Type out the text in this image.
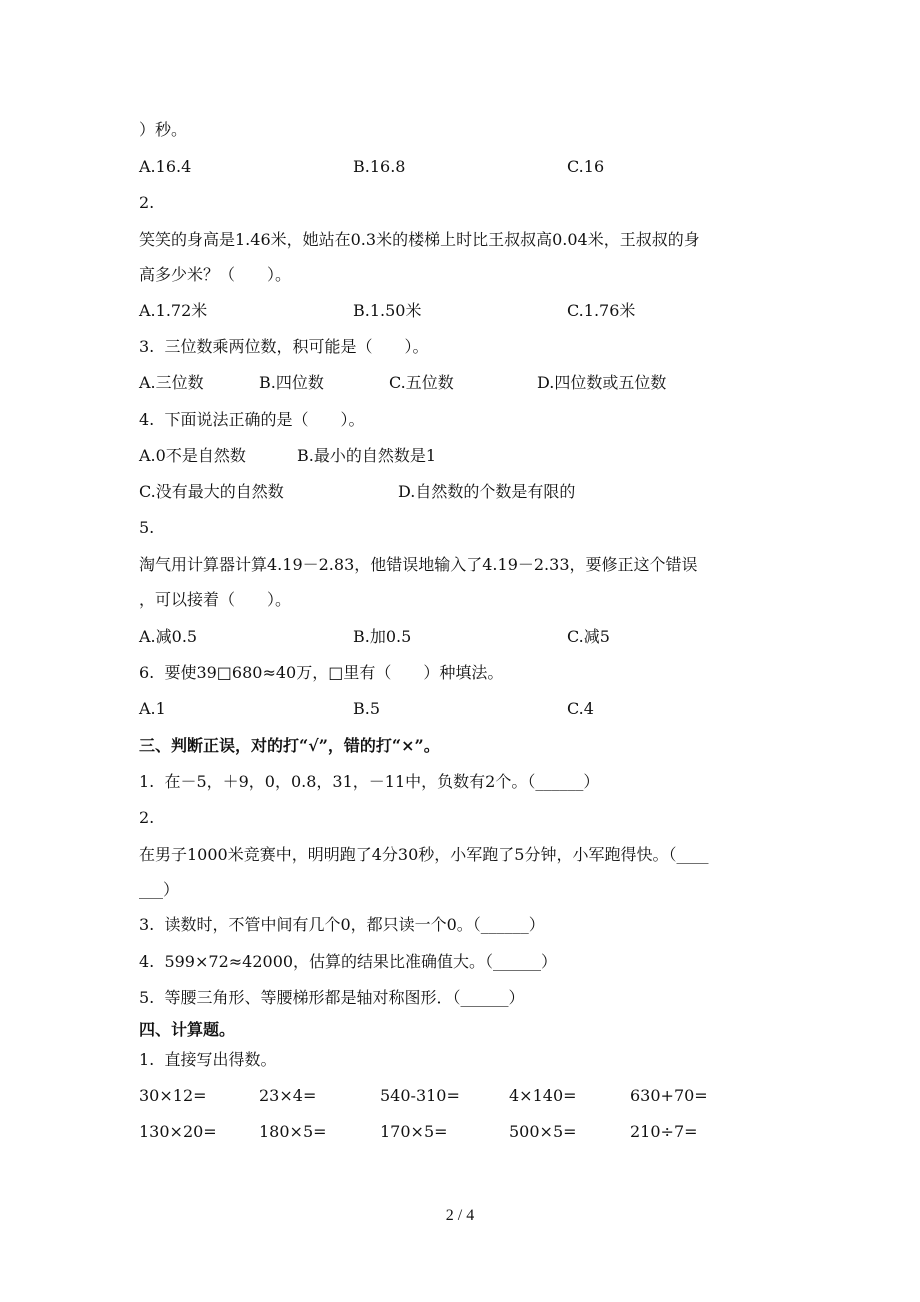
）秒。
A.16.4	B.16.8	C.16
2.
笑笑的身高是1.46米，她站在0.3米的楼梯上时比王叔叔高0.04米，王叔叔的身
高多少米？（　　）。
A.1.72米	B.1.50米	C.1.76米
3.  三位数乘两位数，积可能是（　　）。
A.三位数	B.四位数	C.五位数	D.四位数或五位数
4.  下面说法正确的是（　　）。
A.0不是自然数	B.最小的自然数是1
C.没有最大的自然数	D.自然数的个数是有限的
5.
淘气用计算器计算4.19－2.83，他错误地输入了4.19－2.33，要修正这个错误
，可以接着（　　）。
A.减0.5	B.加0.5	C.减5
6.  要使39□680≈40万，□里有（　　）种填法。
A.1	B.5	C.4
三、判断正误，对的打“√”，错的打“×”。
1.  在－5，＋9，0，0.8，31，－11中，负数有2个。（______）
2.
在男子1000米竞赛中，明明跑了4分30秒，小军跑了5分钟，小军跑得快。（____
___）
3.  读数时，不管中间有几个0，都只读一个0。（______）
4.  599×72≈42000，估算的结果比准确值大。（______）
5.  等腰三角形、等腰梯形都是轴对称图形．（______）
四、计算题。
1.  直接写出得数。
30×12=	23×4=	540-310=	4×140=	630+70=
130×20=	180×5=	170×5=	500×5=	210÷7=
2 / 4
